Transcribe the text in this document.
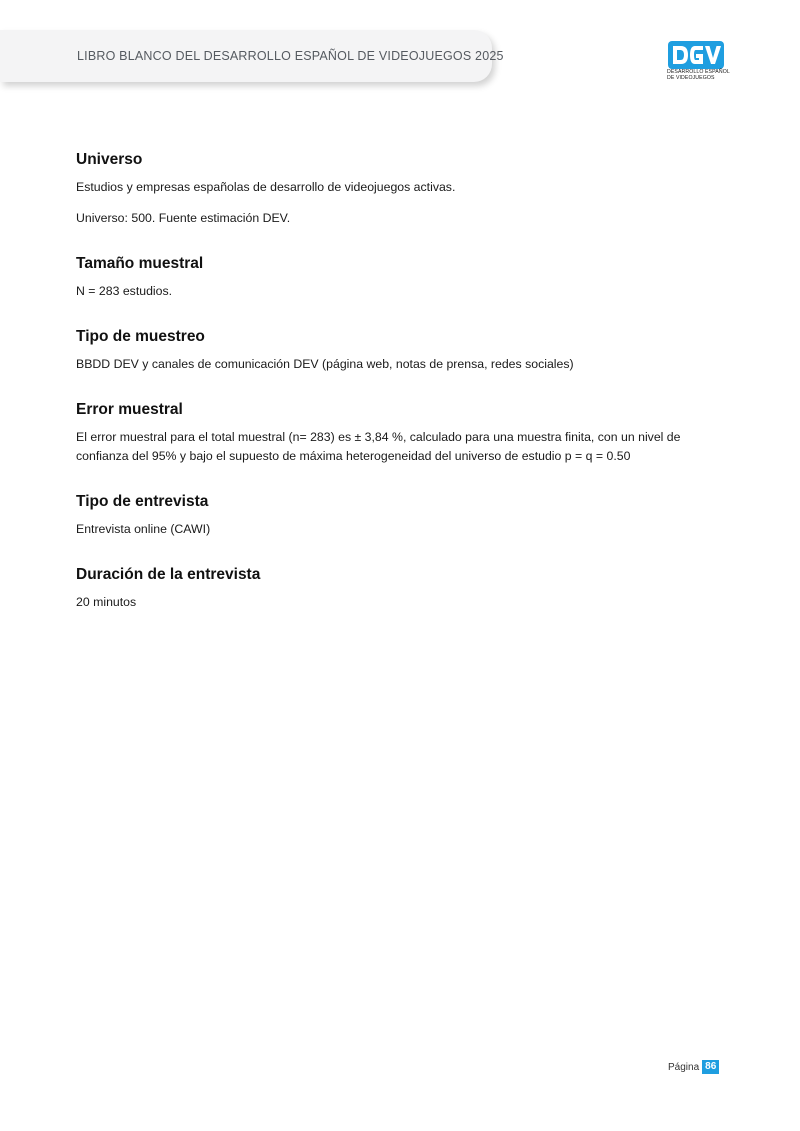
LIBRO BLANCO DEL DESARROLLO ESPAÑOL DE VIDEOJUEGOS 2025
DESARROLLO ESPAÑOL
DE VIDEOJUEGOS
Universo

Estudios y empresas españolas de desarrollo de videojuegos activas.

Universo: 500. Fuente estimación DEV.

Tamaño muestral

N = 283 estudios.

Tipo de muestreo

BBDD DEV y canales de comunicación DEV (página web, notas de prensa, redes sociales)

Error muestral

El error muestral para el total muestral (n= 283) es ± 3,84 %, calculado para una muestra finita, con un nivel de confianza del 95% y bajo el supuesto de máxima heterogeneidad del universo de estudio p = q = 0.50

Tipo de entrevista

Entrevista online (CAWI)

Duración de la entrevista

20 minutos

Página 86
